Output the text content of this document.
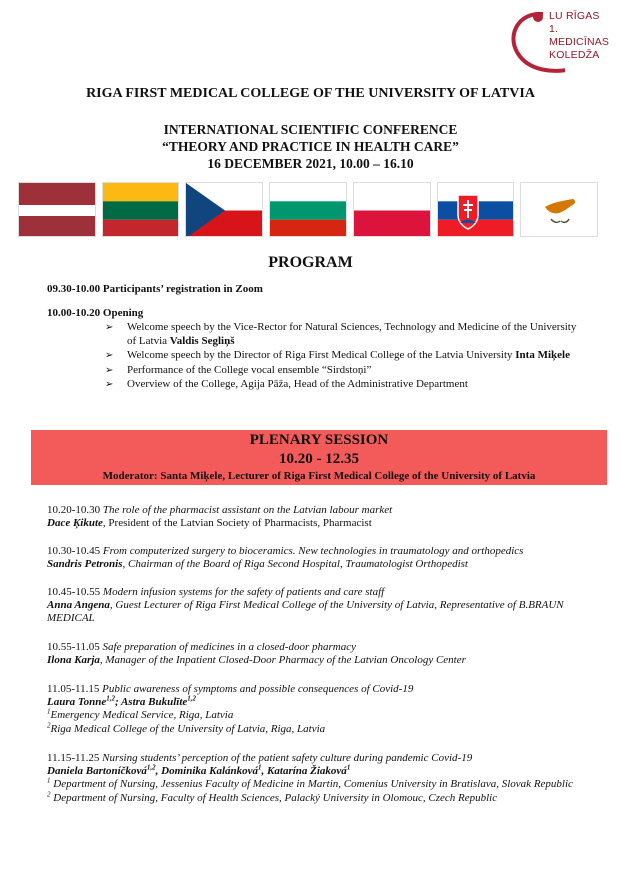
LU RĪGAS
1. MEDICĪNAS
KOLEDŽA
RIGA FIRST MEDICAL COLLEGE OF THE UNIVERSITY OF LATVIA
INTERNATIONAL SCIENTIFIC CONFERENCE
“THEORY AND PRACTICE IN HEALTH CARE”
16 DECEMBER 2021, 10.00 – 16.10
PROGRAM
09.30-10.00 Participants’ registration in Zoom
10.00-10.20 Opening
➢ Welcome speech by the Vice-Rector for Natural Sciences, Technology and Medicine of the University of Latvia Valdis Segliņš
➢ Welcome speech by the Director of Riga First Medical College of the Latvia University Inta Miķele
➢ Performance of the College vocal ensemble “Sirdstoņi”
➢ Overview of the College, Agija Pāža, Head of the Administrative Department
PLENARY SESSION
10.20 - 12.35
Moderator: Santa Miķele, Lecturer of Riga First Medical College of the University of Latvia
10.20-10.30 The role of the pharmacist assistant on the Latvian labour market
Dace Ķikute, President of the Latvian Society of Pharmacists, Pharmacist
10.30-10.45 From computerized surgery to bioceramics. New technologies in traumatology and orthopedics
Sandris Petronis, Chairman of the Board of Riga Second Hospital, Traumatologist Orthopedist
10.45-10.55 Modern infusion systems for the safety of patients and care staff
Anna Angena, Guest Lecturer of Riga First Medical College of the University of Latvia, Representative of B.BRAUN MEDICAL
10.55-11.05 Safe preparation of medicines in a closed-door pharmacy
Ilona Karja, Manager of the Inpatient Closed-Door Pharmacy of the Latvian Oncology Center
11.05-11.15 Public awareness of symptoms and possible consequences of Covid-19
Laura Tonne$^{1,2}$; Astra Bukulīte$^{1,2}$
$^1$Emergency Medical Service, Riga, Latvia
$^2$Riga Medical College of the University of Latvia, Riga, Latvia
11.15-11.25 Nursing students’ perception of the patient safety culture during pandemic Covid-19
Daniela Bartoníčková$^{1,2}$, Dominika Kalánková$^1$, Katarína Žiaková$^1$
$^1$ Department of Nursing, Jessenius Faculty of Medicine in Martin, Comenius University in Bratislava, Slovak Republic
$^2$ Department of Nursing, Faculty of Health Sciences, Palacký University in Olomouc, Czech Republic
